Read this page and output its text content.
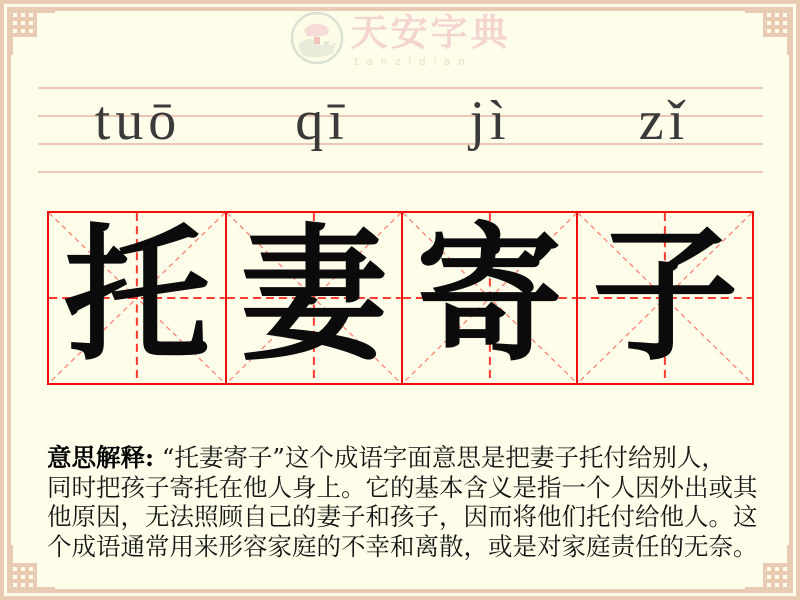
天安字典
tanzidian
tuō qī jì zǐ
托 妻 寄 子
意思解释: “托妻寄子”这个成语字面意思是把妻子托付给别人，
同时把孩子寄托在他人身上。它的基本含义是指一个人因外出或其
他原因，无法照顾自己的妻子和孩子，因而将他们托付给他人。这
个成语通常用来形容家庭的不幸和离散，或是对家庭责任的无奈。
